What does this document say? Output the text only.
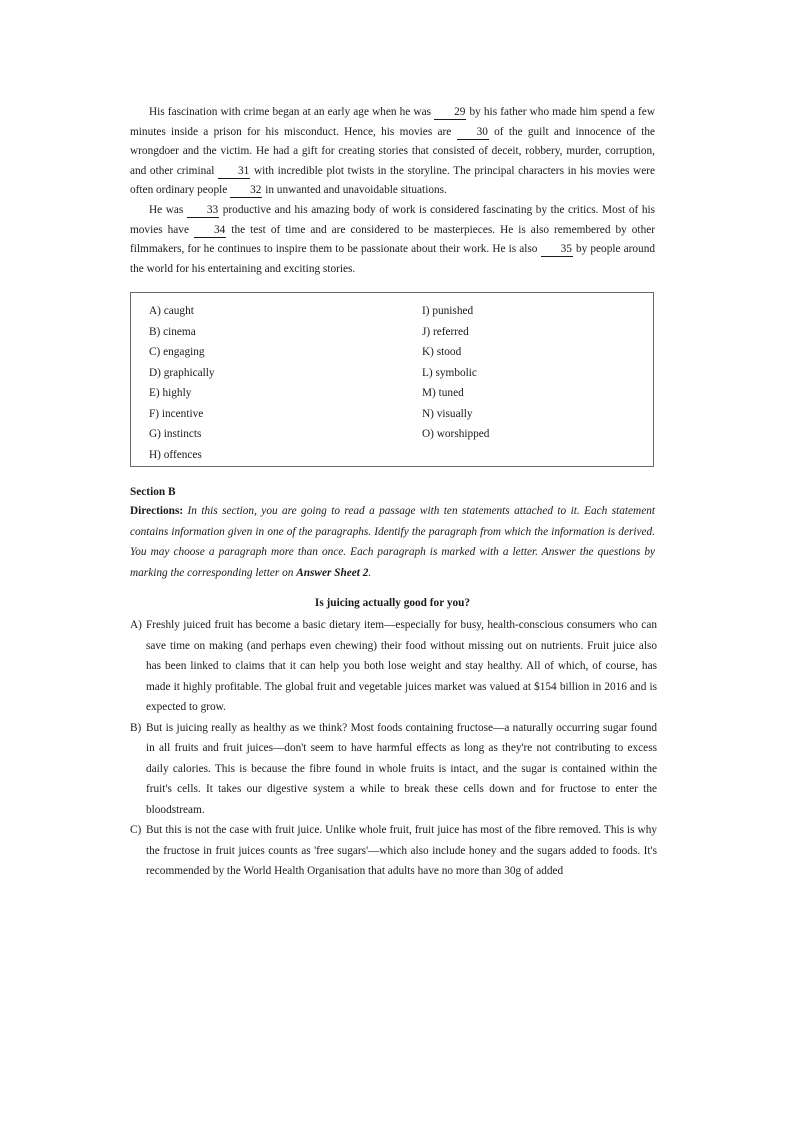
His fascination with crime began at an early age when he was 29 by his father who made him spend a few minutes inside a prison for his misconduct. Hence, his movies are 30 of the guilt and innocence of the wrongdoer and the victim. He had a gift for creating stories that consisted of deceit, robbery, murder, corruption, and other criminal 31 with incredible plot twists in the storyline. The principal characters in his movies were often ordinary people 32 in unwanted and unavoidable situations.

He was 33 productive and his amazing body of work is considered fascinating by the critics. Most of his movies have 34 the test of time and are considered to be masterpieces. He is also remembered by other filmmakers, for he continues to inspire them to be passionate about their work. He is also 35 by people around the world for his entertaining and exciting stories.

A) caught
B) cinema
C) engaging
D) graphically
E) highly
F) incentive
G) instincts
H) offences
I) punished
J) referred
K) stood
L) symbolic
M) tuned
N) visually
O) worshipped
Section B

Directions: In this section, you are going to read a passage with ten statements attached to it. Each statement contains information given in one of the paragraphs. Identify the paragraph from which the information is derived. You may choose a paragraph more than once. Each paragraph is marked with a letter. Answer the questions by marking the corresponding letter on Answer Sheet 2.

Is juicing actually good for you?
A) Freshly juiced fruit has become a basic dietary item—especially for busy, health-conscious consumers who can save time on making (and perhaps even chewing) their food without missing out on nutrients. Fruit juice also has been linked to claims that it can help you both lose weight and stay healthy. All of which, of course, has made it highly profitable. The global fruit and vegetable juices market was valued at $154 billion in 2016 and is expected to grow.
B) But is juicing really as healthy as we think? Most foods containing fructose—a naturally occurring sugar found in all fruits and fruit juices—don't seem to have harmful effects as long as they're not contributing to excess daily calories. This is because the fibre found in whole fruits is intact, and the sugar is contained within the fruit's cells. It takes our digestive system a while to break these cells down and for fructose to enter the bloodstream.
C) But this is not the case with fruit juice. Unlike whole fruit, fruit juice has most of the fibre removed. This is why the fructose in fruit juices counts as 'free sugars'—which also include honey and the sugars added to foods. It's recommended by the World Health Organisation that adults have no more than 30g of added
